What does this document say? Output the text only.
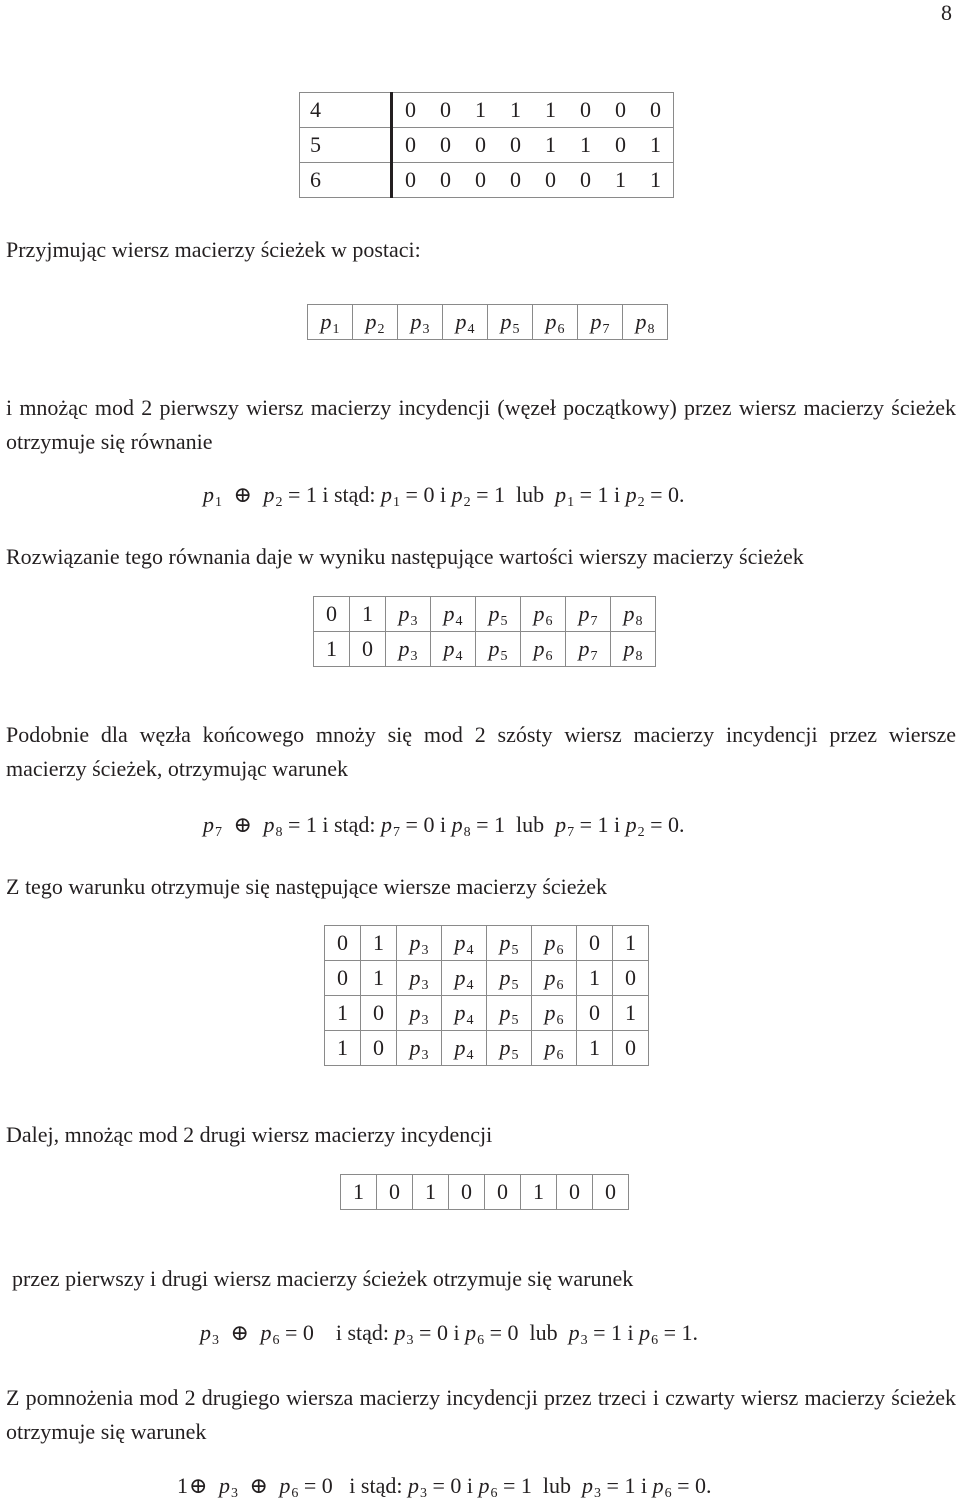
8
4	0	0	1	1	1	0	0	0
5	0	0	0	0	1	1	0	1
6	0	0	0	0	0	0	1	1
Przyjmując wiersz macierzy ścieżek w postaci:
p1	p2	p3	p4	p5	p6	p7	p8
i mnożąc mod 2 pierwszy wiersz macierzy incydencji (węzeł początkowy) przez wiersz macierzy ścieżek otrzymuje się równanie
p1 ⊕ p2 = 1 i stąd: p1 = 0 i p2 = 1 lub p1 = 1 i p2 = 0.
Rozwiązanie tego równania daje w wyniku następujące wartości wierszy macierzy ścieżek
0	1	p3	p4	p5	p6	p7	p8
1	0	p3	p4	p5	p6	p7	p8
Podobnie dla węzła końcowego mnoży się mod 2 szósty wiersz macierzy incydencji przez wiersze macierzy ścieżek, otrzymując warunek
p7 ⊕ p8 = 1 i stąd: p7 = 0 i p8 = 1 lub p7 = 1 i p2 = 0.
Z tego warunku otrzymuje się następujące wiersze macierzy ścieżek
0	1	p3	p4	p5	p6	0	1
0	1	p3	p4	p5	p6	1	0
1	0	p3	p4	p5	p6	0	1
1	0	p3	p4	p5	p6	1	0
Dalej, mnożąc mod 2 drugi wiersz macierzy incydencji
1	0	1	0	0	1	0	0
przez pierwszy i drugi wiersz macierzy ścieżek otrzymuje się warunek
p3 ⊕ p6 = 0 i stąd: p3 = 0 i p6 = 0 lub p3 = 1 i p6 = 1.
Z pomnożenia mod 2 drugiego wiersza macierzy incydencji przez trzeci i czwarty wiersz macierzy ścieżek otrzymuje się warunek
1⊕ p3 ⊕ p6 = 0 i stąd: p3 = 0 i p6 = 1 lub p3 = 1 i p6 = 0.
